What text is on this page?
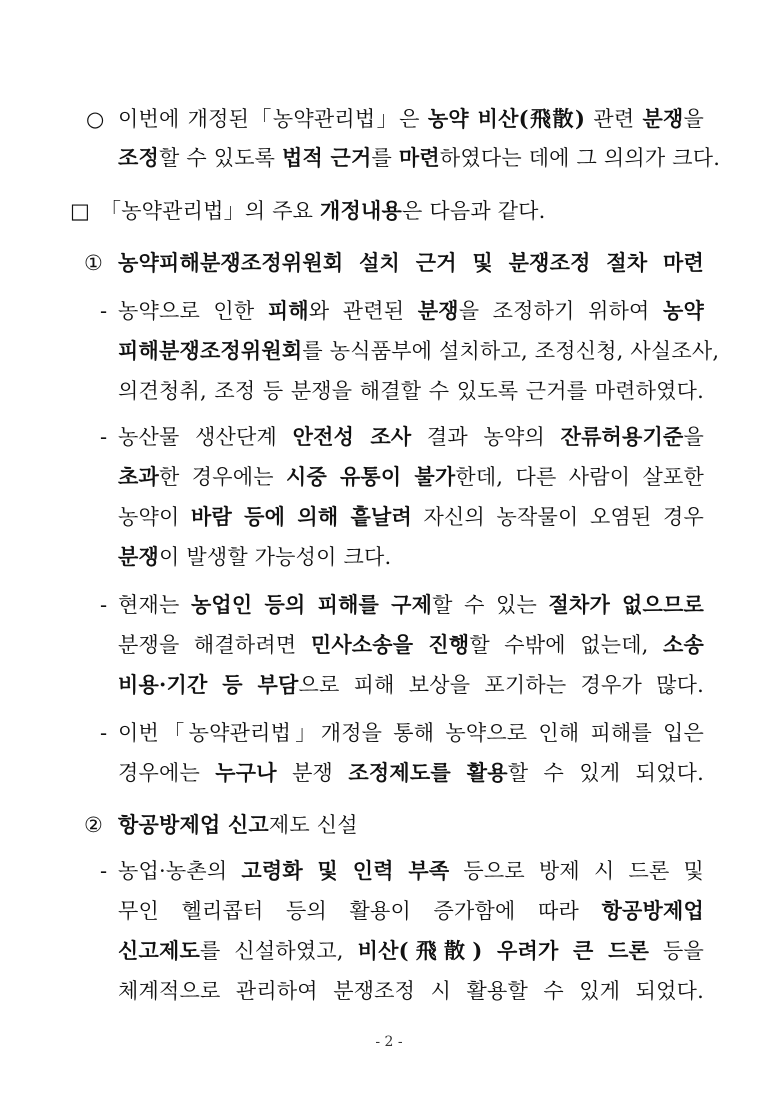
○ 이번에 개정된「농약관리법」은 농약 비산(飛散) 관련 분쟁을
조정할 수 있도록 법적 근거를 마련하였다는 데에 그 의의가 크다.
□ 「농약관리법」의 주요 개정내용은 다음과 같다.
① 농약피해분쟁조정위원회 설치 근거 및 분쟁조정 절차 마련
- 농약으로 인한 피해와 관련된 분쟁을 조정하기 위하여 농약
피해분쟁조정위원회를 농식품부에 설치하고, 조정신청, 사실조사,
의견청취, 조정 등 분쟁을 해결할 수 있도록 근거를 마련하였다.
- 농산물 생산단계 안전성 조사 결과 농약의 잔류허용기준을
초과한 경우에는 시중 유통이 불가한데, 다른 사람이 살포한
농약이 바람 등에 의해 흩날려 자신의 농작물이 오염된 경우
분쟁이 발생할 가능성이 크다.
- 현재는 농업인 등의 피해를 구제할 수 있는 절차가 없으므로
분쟁을 해결하려면 민사소송을 진행할 수밖에 없는데, 소송
비용·기간 등 부담으로 피해 보상을 포기하는 경우가 많다.
- 이번「농약관리법」개정을 통해 농약으로 인해 피해를 입은
경우에는 누구나 분쟁 조정제도를 활용할 수 있게 되었다.
② 항공방제업 신고제도 신설
- 농업·농촌의 고령화 및 인력 부족 등으로 방제 시 드론 및
무인 헬리콥터 등의 활용이 증가함에 따라 항공방제업
신고제도를 신설하였고, 비산(飛散) 우려가 큰 드론 등을
체계적으로 관리하여 분쟁조정 시 활용할 수 있게 되었다.
- 2 -
